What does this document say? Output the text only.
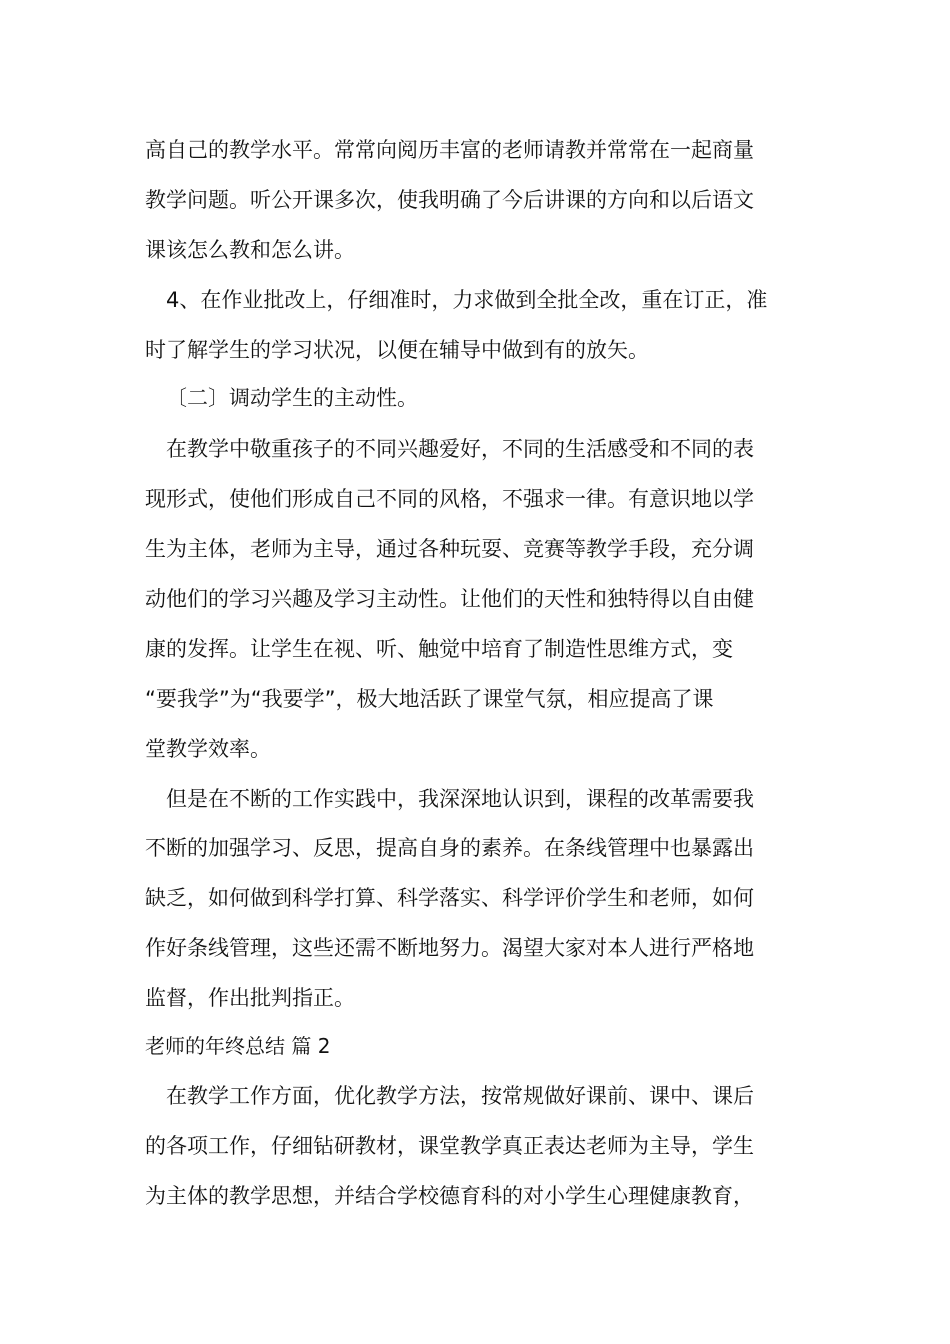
高自己的教学水平。常常向阅历丰富的老师请教并常常在一起商量
教学问题。听公开课多次，使我明确了今后讲课的方向和以后语文
课该怎么教和怎么讲。
4、在作业批改上，仔细准时，力求做到全批全改，重在订正，准
时了解学生的学习状况，以便在辅导中做到有的放矢。
〔二〕调动学生的主动性。
在教学中敬重孩子的不同兴趣爱好，不同的生活感受和不同的表
现形式，使他们形成自己不同的风格，不强求一律。有意识地以学
生为主体，老师为主导，通过各种玩耍、竞赛等教学手段，充分调
动他们的学习兴趣及学习主动性。让他们的天性和独特得以自由健
康的发挥。让学生在视、听、触觉中培育了制造性思维方式，变
“要我学”为“我要学”，极大地活跃了课堂气氛，相应提高了课
堂教学效率。
但是在不断的工作实践中，我深深地认识到，课程的改革需要我
不断的加强学习、反思，提高自身的素养。在条线管理中也暴露出
缺乏，如何做到科学打算、科学落实、科学评价学生和老师，如何
作好条线管理，这些还需不断地努力。渴望大家对本人进行严格地
监督，作出批判指正。
老师的年终总结 篇 2
在教学工作方面，优化教学方法，按常规做好课前、课中、课后
的各项工作，仔细钻研教材，课堂教学真正表达老师为主导，学生
为主体的教学思想，并结合学校德育科的对小学生心理健康教育，
